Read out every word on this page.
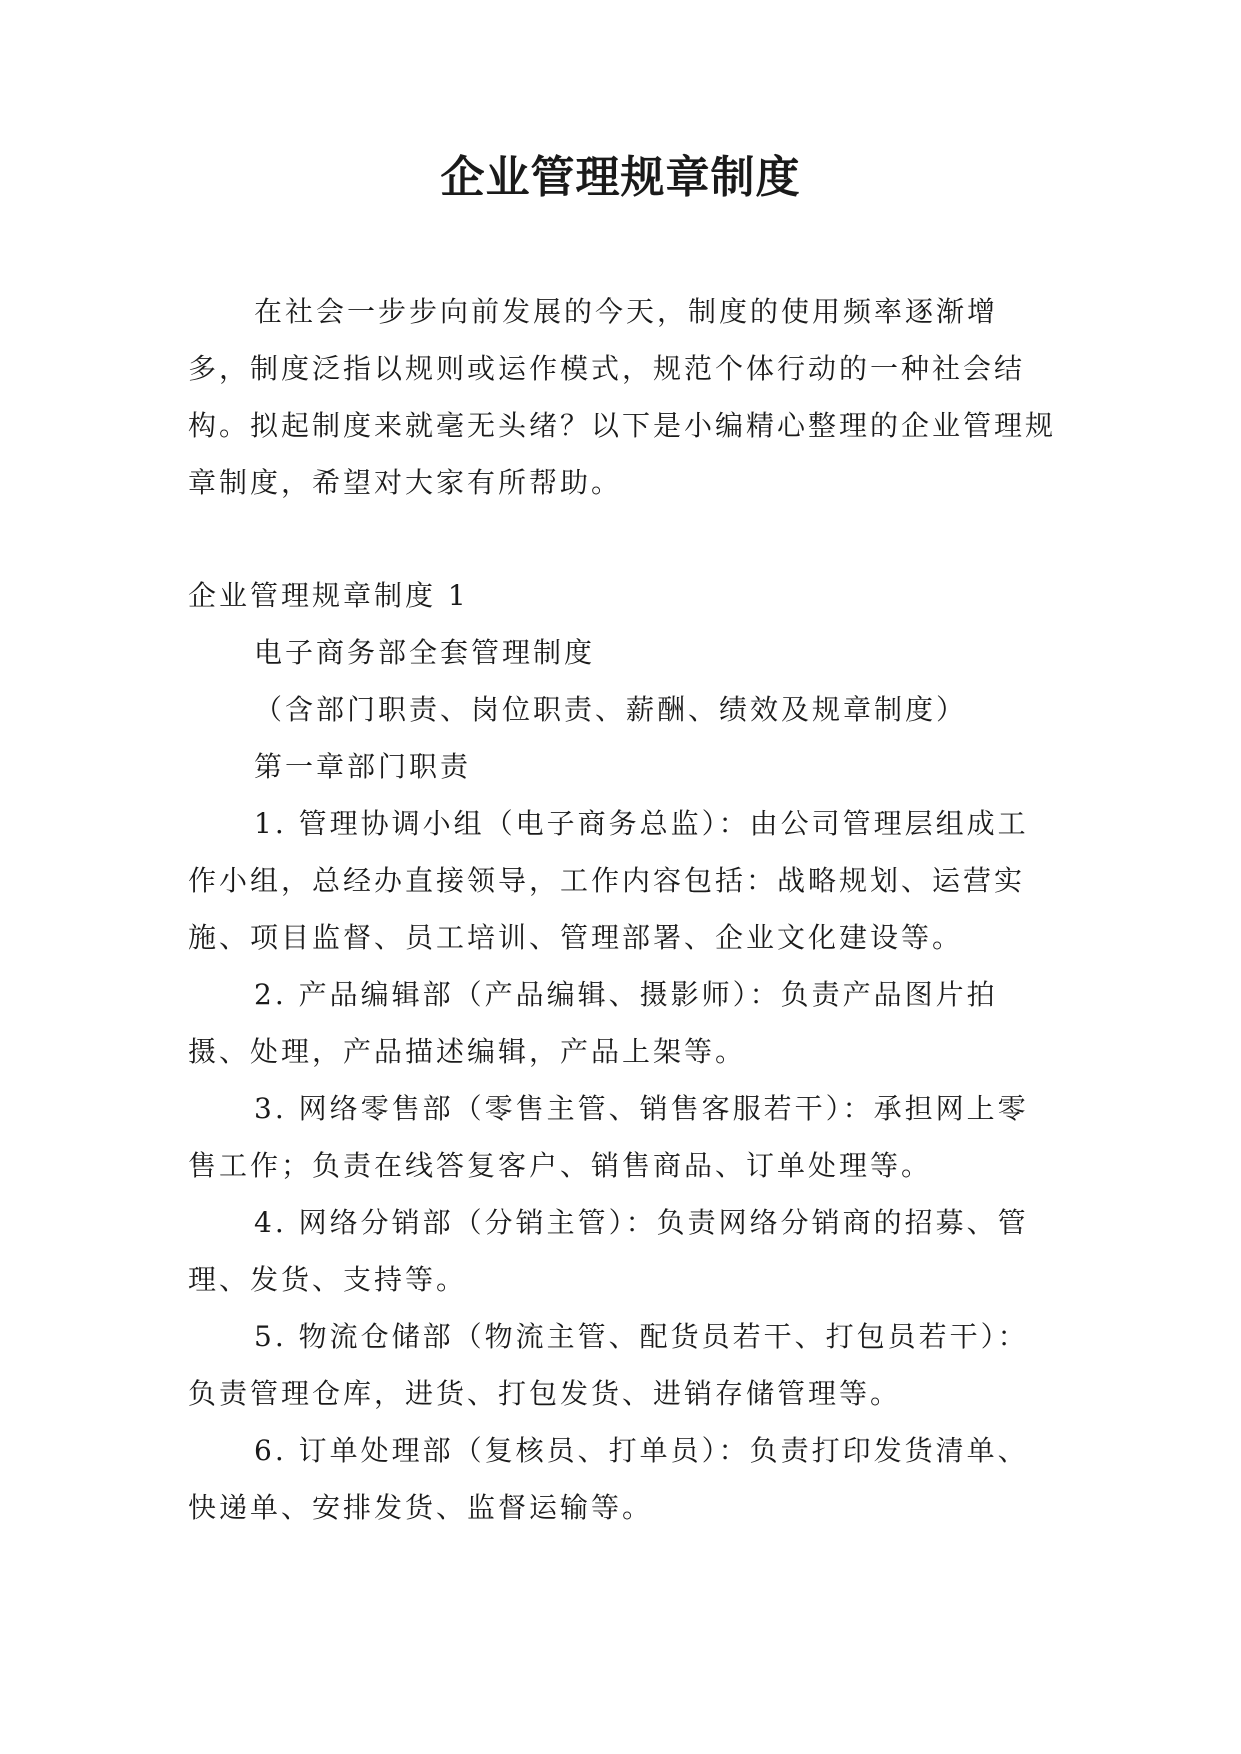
企业管理规章制度

在社会一步步向前发展的今天，制度的使用频率逐渐增多，制度泛指以规则或运作模式，规范个体行动的一种社会结构。拟起制度来就毫无头绪？以下是小编精心整理的企业管理规章制度，希望对大家有所帮助。

企业管理规章制度 1

电子商务部全套管理制度

（含部门职责、岗位职责、薪酬、绩效及规章制度）

第一章部门职责

1. 管理协调小组（电子商务总监）：由公司管理层组成工作小组，总经办直接领导，工作内容包括：战略规划、运营实施、项目监督、员工培训、管理部署、企业文化建设等。

2. 产品编辑部（产品编辑、摄影师）：负责产品图片拍摄、处理，产品描述编辑，产品上架等。

3. 网络零售部（零售主管、销售客服若干）：承担网上零售工作；负责在线答复客户、销售商品、订单处理等。

4. 网络分销部（分销主管）：负责网络分销商的招募、管理、发货、支持等。

5. 物流仓储部（物流主管、配货员若干、打包员若干）：负责管理仓库，进货、打包发货、进销存储管理等。

6. 订单处理部（复核员、打单员）：负责打印发货清单、快递单、安排发货、监督运输等。
